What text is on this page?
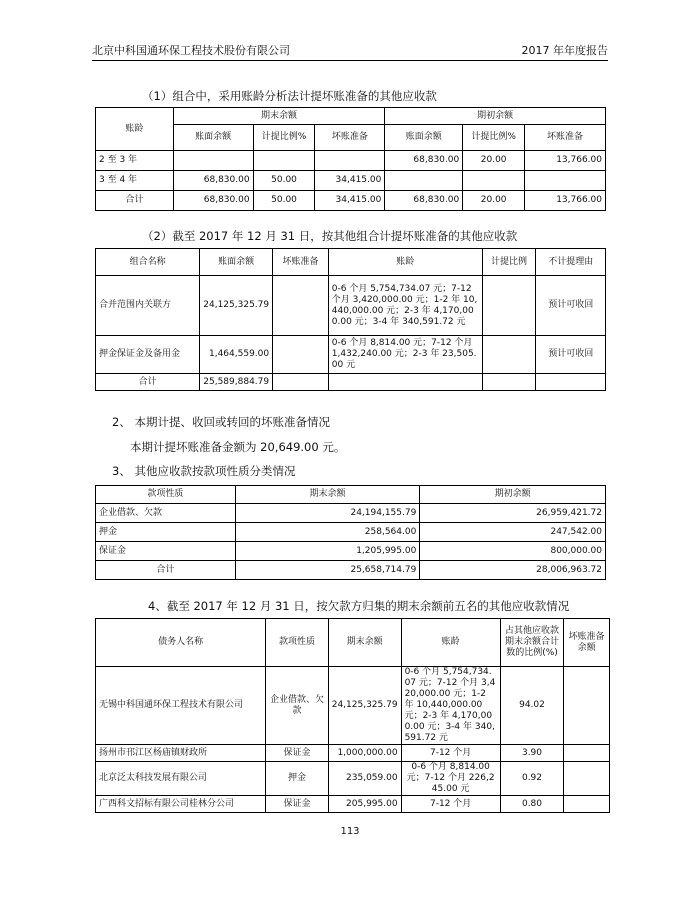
北京中科国通环保工程技术股份有限公司	2017 年年度报告
（1）组合中，采用账龄分析法计提坏账准备的其他应收款
账龄	期末余额			期初余额		
	账面余额	计提比例%	坏账准备	账面余额	计提比例%	坏账准备
2 至 3 年				68,830.00	20.00	13,766.00
3 至 4 年	68,830.00	50.00	34,415.00			
合计	68,830.00	50.00	34,415.00	68,830.00	20.00	13,766.00
（2）截至 2017 年 12 月 31 日，按其他组合计提坏账准备的其他应收款
组合名称	账面余额	坏账准备	账龄	计提比例	不计提理由
合并范围内关联方	24,125,325.79		0-6 个月 5,754,734.07 元；7-12 个月 3,420,000.00 元；1-2 年 10,440,000.00 元；2-3 年 4,170,000.00 元；3-4 年 340,591.72 元		预计可收回
押金保证金及备用金	1,464,559.00		0-6 个月 8,814.00 元；7-12 个月 1,432,240.00 元；2-3 年 23,505.00 元		预计可收回
合计	25,589,884.79				
2、 本期计提、收回或转回的坏账准备情况
本期计提坏账准备金额为 20,649.00 元。
3、 其他应收款按款项性质分类情况
款项性质	期末余额	期初余额
企业借款、欠款	24,194,155.79	26,959,421.72
押金	258,564.00	247,542.00
保证金	1,205,995.00	800,000.00
合计	25,658,714.79	28,006,963.72
4、截至 2017 年 12 月 31 日，按欠款方归集的期末余额前五名的其他应收款情况
债务人名称	款项性质	期末余额	账龄	占其他应收款期末余额合计数的比例(%)	坏账准备余额
无锡中科国通环保工程技术有限公司	企业借款、欠款	24,125,325.79	0-6 个月 5,754,734.07 元；7-12 个月 3,420,000.00 元；1-2 年 10,440,000.00 元；2-3 年 4,170,000.00 元；3-4 年 340,591.72 元	94.02	
扬州市邗江区杨庙镇财政所	保证金	1,000,000.00	7-12 个月	3.90	
北京泛太科技发展有限公司	押金	235,059.00	0-6 个月 8,814.00 元；7-12 个月 226,245.00 元	0.92	
广西科文招标有限公司桂林分公司	保证金	205,995.00	7-12 个月	0.80	
113
